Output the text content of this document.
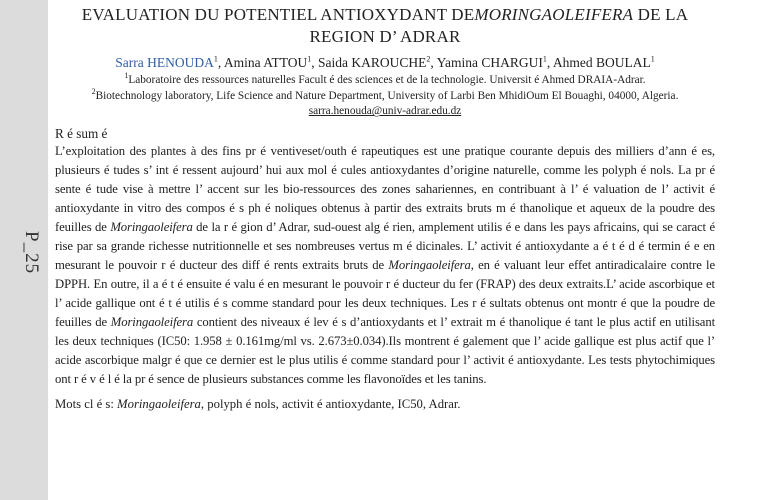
P_25
EVALUATION DU POTENTIEL ANTIOXYDANT DEMORINGAOLEIFERA DE LA
REGION D’ ADRAR
Sarra HENOUDA$^1$, Amina ATTOU$^1$, Saida KAROUCHE$^2$, Yamina CHARGUI$^1$, Ahmed BOULAL$^1$
$^1$Laboratoire des ressources naturelles Facult é des sciences et de la technologie. Universit é Ahmed DRAIA-Adrar.
$^2$Biotechnology laboratory, Life Science and Nature Department, University of Larbi Ben MhidiOum El Bouaghi, 04000, Algeria.
sarra.henouda@univ-adrar.edu.dz
R é sum é

L’exploitation des plantes à des fins pr é ventiveset/outh é rapeutiques est une pratique courante depuis des milliers d’ann é es, plusieurs é tudes s’ int é ressent aujourd’ hui aux mol é cules antioxydantes d’origine naturelle, comme les polyph é nols. La pr é sente é tude vise à mettre l’ accent sur les bio-ressources des zones sahariennes, en contribuant à l’ é valuation de l’ activit é antioxydante in vitro des compos é s ph é noliques obtenus à partir des extraits bruts m é thanolique et aqueux de la poudre des feuilles de Moringaoleifera de la r é gion d’ Adrar, sud-ouest alg é rien, amplement utilis é e dans les pays africains, qui se caract é rise par sa grande richesse nutritionnelle et ses nombreuses vertus m é dicinales. L’ activit é antioxydante a é t é d é termin é e en mesurant le pouvoir r é ducteur des diff é rents extraits bruts de Moringaoleifera, en é valuant leur effet antiradicalaire contre le DPPH. En outre, il a é t é ensuite é valu é en mesurant le pouvoir r é ducteur du fer (FRAP) des deux extraits.L’ acide ascorbique et l’ acide gallique ont é t é utilis é s comme standard pour les deux techniques. Les r é sultats obtenus ont montr é que la poudre de feuilles de Moringaoleifera contient des niveaux é lev é s d’antioxydants et l’ extrait m é thanolique é tant le plus actif en utilisant les deux techniques (IC50: 1.958 ± 0.161mg/ml vs. 2.673±0.034).Ils montrent é galement que l’ acide gallique est plus actif que l’ acide ascorbique malgr é que ce dernier est le plus utilis é comme standard pour l’ activit é antioxydante. Les tests phytochimiques ont r é v é l é la pr é sence de plusieurs substances comme les flavonoïdes et les tanins.

Mots cl é s: Moringaoleifera, polyph é nols, activit é antioxydante, IC50, Adrar.
